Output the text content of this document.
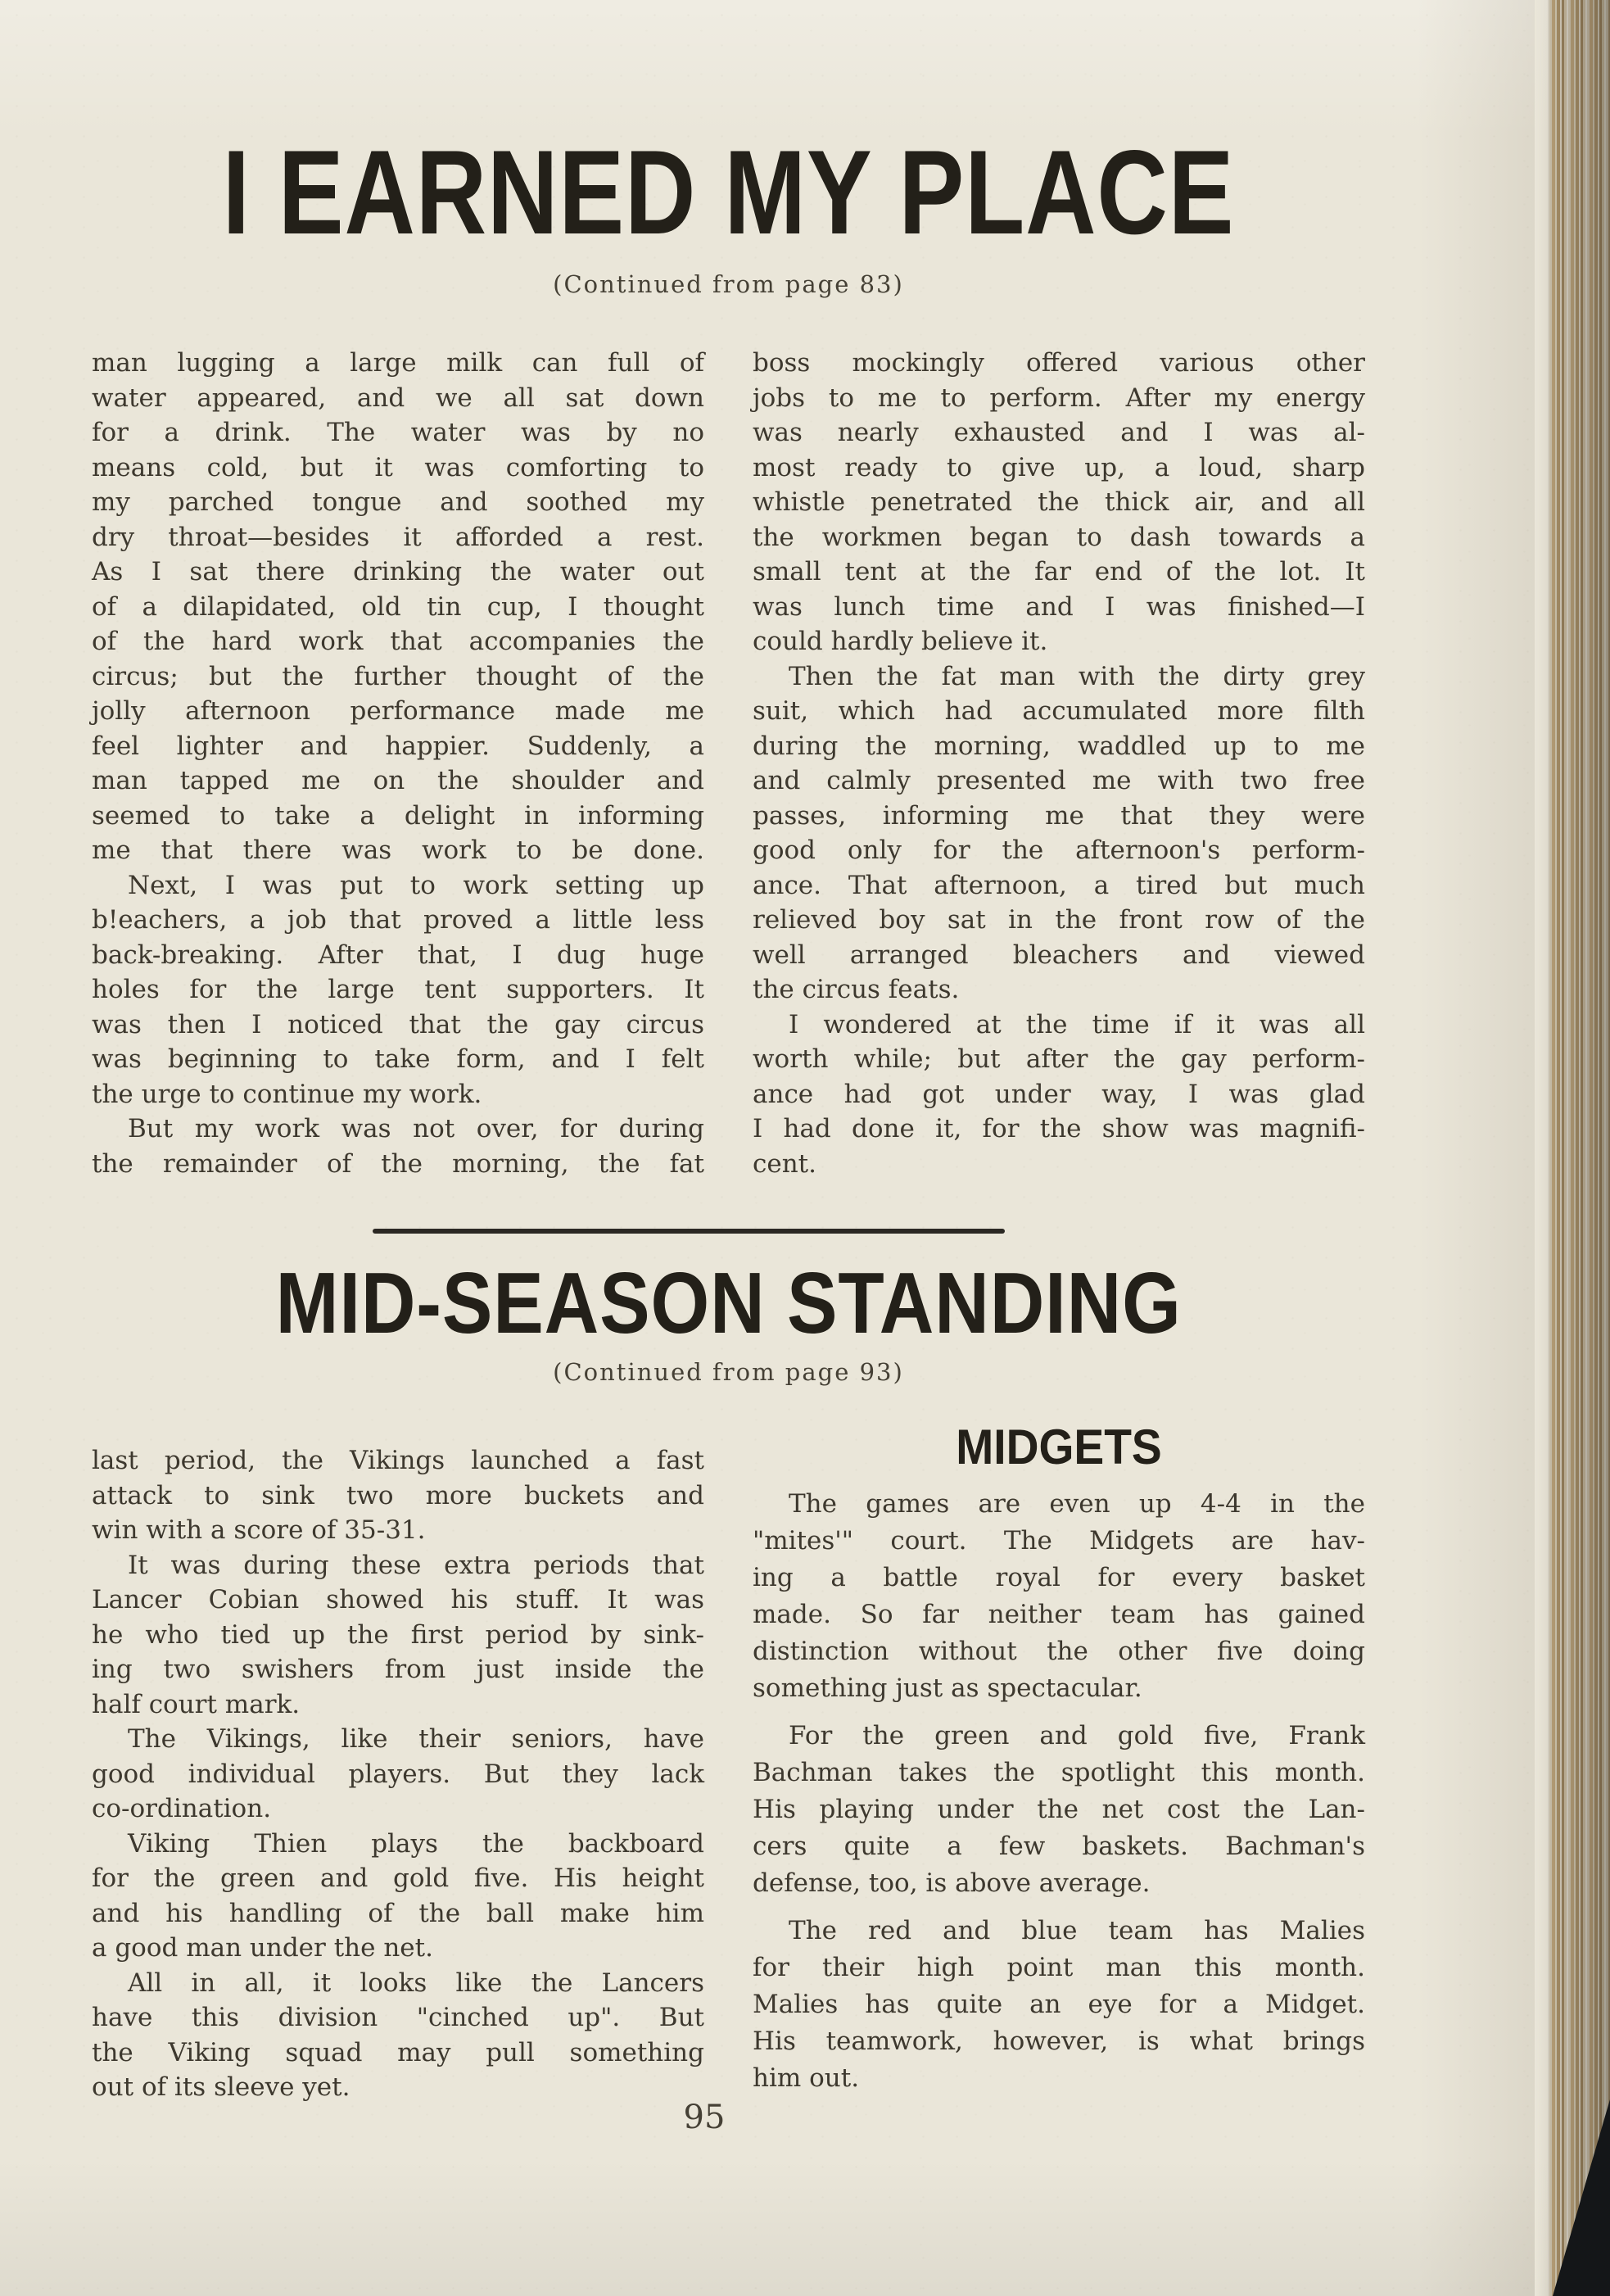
I EARNED MY PLACE
(Continued from page 83)
man lugging a large milk can full of
water appeared, and we all sat down
for a drink. The water was by no
means cold, but it was comforting to
my parched tongue and soothed my
dry throat—besides it afforded a rest.
As I sat there drinking the water out
of a dilapidated, old tin cup, I thought
of the hard work that accompanies the
circus; but the further thought of the
jolly afternoon performance made me
feel lighter and happier. Suddenly, a
man tapped me on the shoulder and
seemed to take a delight in informing
me that there was work to be done.
Next, I was put to work setting up
b!eachers, a job that proved a little less
back-breaking. After that, I dug huge
holes for the large tent supporters. It
was then I noticed that the gay circus
was beginning to take form, and I felt
the urge to continue my work.
But my work was not over, for during
the remainder of the morning, the fat
boss mockingly offered various other
jobs to me to perform. After my energy
was nearly exhausted and I was al-
most ready to give up, a loud, sharp
whistle penetrated the thick air, and all
the workmen began to dash towards a
small tent at the far end of the lot. It
was lunch time and I was finished—I
could hardly believe it.
Then the fat man with the dirty grey
suit, which had accumulated more filth
during the morning, waddled up to me
and calmly presented me with two free
passes, informing me that they were
good only for the afternoon's perform-
ance. That afternoon, a tired but much
relieved boy sat in the front row of the
well arranged bleachers and viewed
the circus feats.
I wondered at the time if it was all
worth while; but after the gay perform-
ance had got under way, I was glad
I had done it, for the show was magnifi-
cent.
MID-SEASON STANDING
(Continued from page 93)
last period, the Vikings launched a fast
attack to sink two more buckets and
win with a score of 35-31.
It was during these extra periods that
Lancer Cobian showed his stuff. It was
he who tied up the first period by sink-
ing two swishers from just inside the
half court mark.
The Vikings, like their seniors, have
good individual players. But they lack
co-ordination.
Viking Thien plays the backboard
for the green and gold five. His height
and his handling of the ball make him
a good man under the net.
All in all, it looks like the Lancers
have this division "cinched up". But
the Viking squad may pull something
out of its sleeve yet.
MIDGETS
The games are even up 4-4 in the
"mites'" court. The Midgets are hav-
ing a battle royal for every basket
made. So far neither team has gained
distinction without the other five doing
something just as spectacular.
For the green and gold five, Frank
Bachman takes the spotlight this month.
His playing under the net cost the Lan-
cers quite a few baskets. Bachman's
defense, too, is above average.
The red and blue team has Malies
for their high point man this month.
Malies has quite an eye for a Midget.
His teamwork, however, is what brings
him out.
95
